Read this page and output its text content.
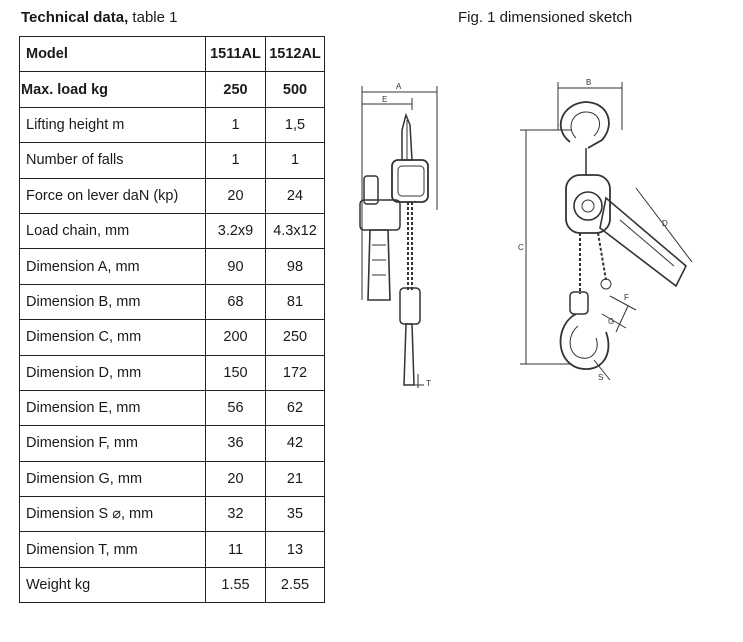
Technical data, table 1	Fig. 1 dimensioned sketch
Model	1511AL	1512AL
Max. load kg	250	500
Lifting height m	1	1,5
Number of falls	1	1
Force on lever daN (kp)	20	24
Load chain, mm	3.2x9	4.3x12
Dimension A, mm	90	98
Dimension B, mm	68	81
Dimension C, mm	200	250
Dimension D, mm	150	172
Dimension E, mm	56	62
Dimension F, mm	36	42
Dimension G, mm	20	21
Dimension S ⌀, mm	32	35
Dimension T, mm	11	13
Weight kg	1.55	2.55
A
E
T
B
C
D
F
G
S
